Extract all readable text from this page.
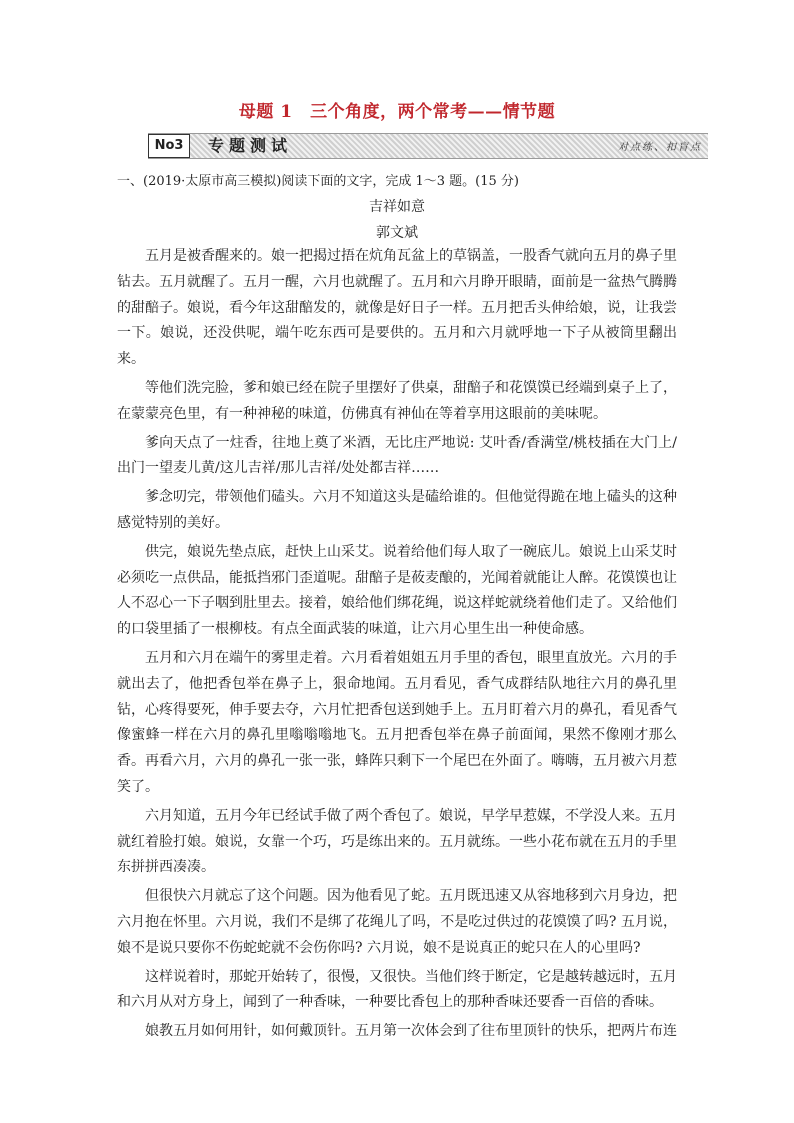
母题 1　三个角度，两个常考——情节题
No3	专题测试	对点练、扣盲点
一、(2019·太原市高三模拟)阅读下面的文字，完成 1～3 题。(15 分)
吉祥如意
郭文斌

五月是被香醒来的。娘一把揭过捂在炕角瓦盆上的草锅盖，一股香气就向五月的鼻子里钻去。五月就醒了。五月一醒，六月也就醒了。五月和六月睁开眼睛，面前是一盆热气腾腾的甜醅子。娘说，看今年这甜醅发的，就像是好日子一样。五月把舌头伸给娘，说，让我尝一下。娘说，还没供呢，端午吃东西可是要供的。五月和六月就呼地一下子从被筒里翻出来。

等他们洗完脸，爹和娘已经在院子里摆好了供桌，甜醅子和花馍馍已经端到桌子上了，在蒙蒙亮色里，有一种神秘的味道，仿佛真有神仙在等着享用这眼前的美味呢。

爹向天点了一炷香，往地上奠了米酒，无比庄严地说: 艾叶香/香满堂/桃枝插在大门上/出门一望麦儿黄/这儿吉祥/那儿吉祥/处处都吉祥……

爹念叨完，带领他们磕头。六月不知道这头是磕给谁的。但他觉得跪在地上磕头的这种感觉特别的美好。

供完，娘说先垫点底，赶快上山采艾。说着给他们每人取了一碗底儿。娘说上山采艾时必须吃一点供品，能抵挡邪门歪道呢。甜醅子是莜麦酿的，光闻着就能让人醉。花馍馍也让人不忍心一下子咽到肚里去。接着，娘给他们绑花绳，说这样蛇就绕着他们走了。又给他们的口袋里插了一根柳枝。有点全面武装的味道，让六月心里生出一种使命感。

五月和六月在端午的雾里走着。六月看着姐姐五月手里的香包，眼里直放光。六月的手就出去了，他把香包举在鼻子上，狠命地闻。五月看见，香气成群结队地往六月的鼻孔里钻，心疼得要死，伸手要去夺，六月忙把香包送到她手上。五月盯着六月的鼻孔，看见香气像蜜蜂一样在六月的鼻孔里嗡嗡嗡地飞。五月把香包举在鼻子前面闻，果然不像刚才那么香。再看六月，六月的鼻孔一张一张，蜂阵只剩下一个尾巴在外面了。嗨嗨，五月被六月惹笑了。

六月知道，五月今年已经试手做了两个香包了。娘说，早学早惹媒，不学没人来。五月就红着脸打娘。娘说，女靠一个巧，巧是练出来的。五月就练。一些小花布就在五月的手里东拼拼西凑凑。

但很快六月就忘了这个问题。因为他看见了蛇。五月既迅速又从容地移到六月身边，把六月抱在怀里。六月说，我们不是绑了花绳儿了吗，不是吃过供过的花馍馍了吗? 五月说，娘不是说只要你不伤蛇蛇就不会伤你吗? 六月说，娘不是说真正的蛇只在人的心里吗?

这样说着时，那蛇开始转了，很慢，又很快。当他们终于断定，它是越转越远时，五月和六月从对方身上，闻到了一种香味，一种要比香包上的那种香味还要香一百倍的香味。

娘教五月如何用针，如何戴顶针。五月第一次体会到了往布里顶针的快乐，把两片布连
